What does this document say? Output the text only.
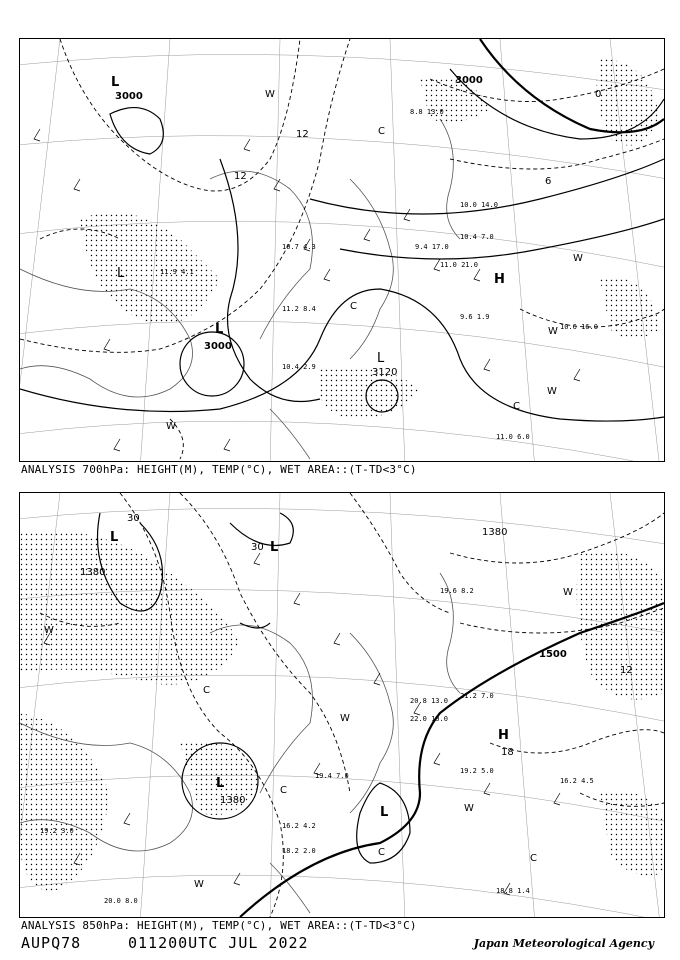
3000
3000
3000
3120
L
L
L
L
H
12
12	6
0
C
C
C
W
W
W
W
W
11.9 4.1
10.7 4.3
11.2 8.4
9.6 1.9
10.6 16.0
11.0 6.0
10.4 2.9
8.8 13.0
10.0 14.0
10.4 7.0
11.0 21.0
9.4 17.0
ANALYSIS 700hPa: HEIGHT(M), TEMP(°C), WET AREA::(T-TD<3°C)
1380
1380
1500
1380
L
L
L
L
H
30
30
12
18
C
C
C
C
W
W
W
W
W
16.2 4.5
18.8 1.4
19.2 5.0
20.8 13.0
22.0 10.0
21.2 7.0
19.4 7.0
16.2 4.2
20.0 8.0
18.2 2.0
19.2 3.0
19.6 8.2
ANALYSIS 850hPa: HEIGHT(M), TEMP(°C), WET AREA::(T-TD<3°C)
AUPQ78	011200UTC JUL 2022	Japan Meteorological Agency
